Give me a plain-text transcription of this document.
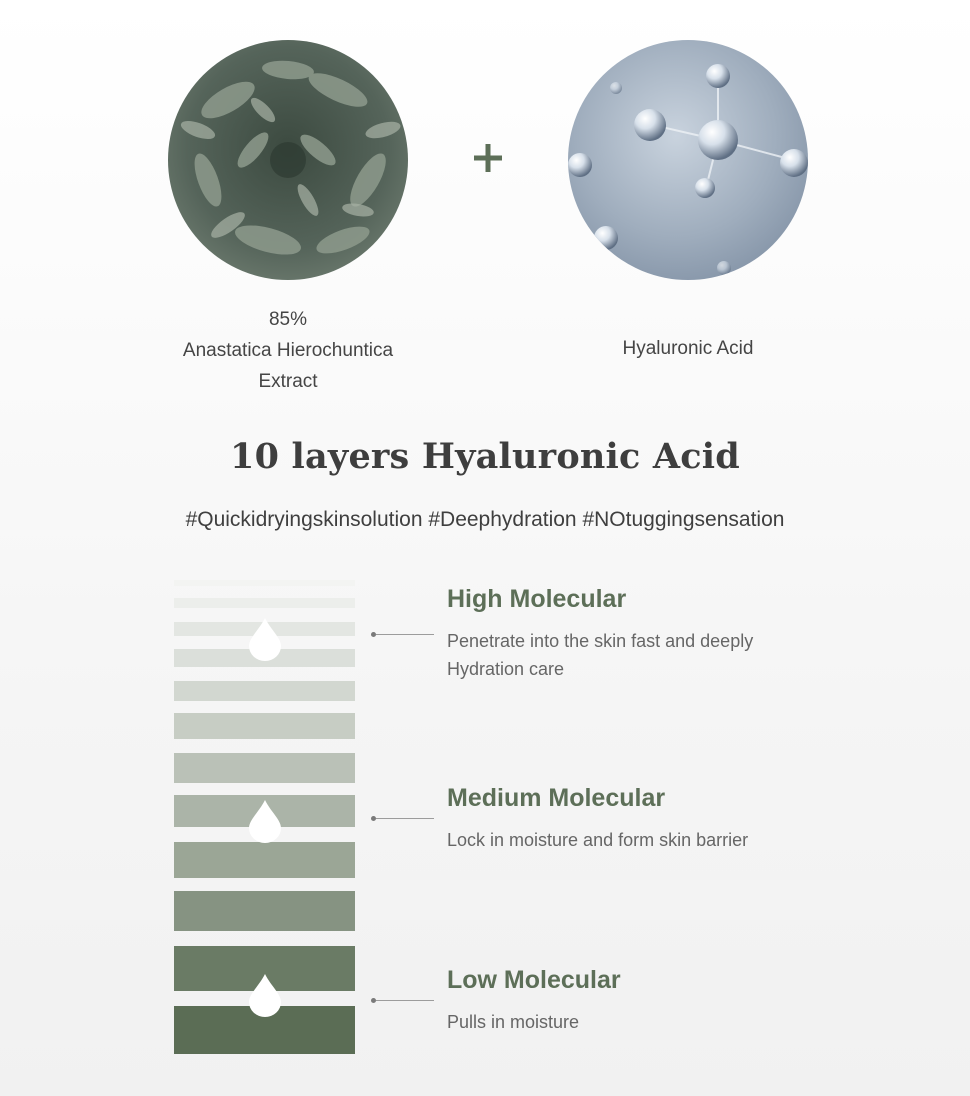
85%
Anastatica Hierochuntica
Extract
Hyaluronic Acid
10 layers Hyaluronic Acid
#Quickidryingskinsolution #Deephydration #NOtuggingsensation
High Molecular
Penetrate into the skin fast and deeply
Hydration care
Medium Molecular
Lock in moisture and form skin barrier
Low Molecular
Pulls in moisture
